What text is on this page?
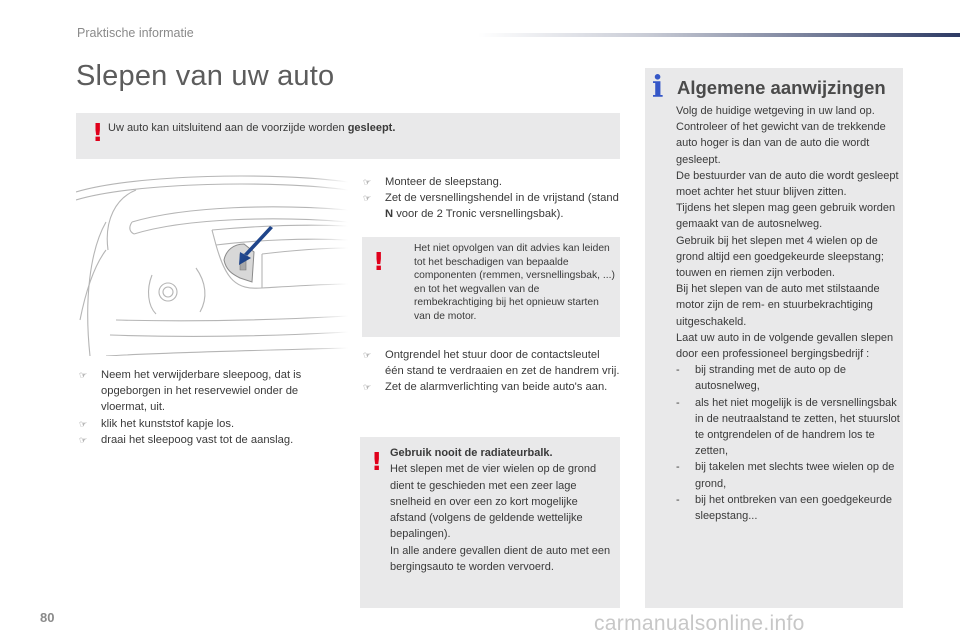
Praktische informatie
Slepen van uw auto
! Uw auto kan uitsluitend aan de voorzijde worden gesleept.
☞ Neem het verwijderbare sleepoog, dat is opgeborgen in het reservewiel onder de vloermat, uit.
☞ klik het kunststof kapje los.
☞ draai het sleepoog vast tot de aanslag.
☞ Monteer de sleepstang.
☞ Zet de versnellingshendel in de vrijstand (stand N voor de 2 Tronic versnellingsbak).
!	Het niet opvolgen van dit advies kan leiden tot het beschadigen van bepaalde componenten (remmen, versnellingsbak, ...) en tot het wegvallen van de rembekrachtiging bij het opnieuw starten van de motor.
☞ Ontgrendel het stuur door de contactsleutel één stand te verdraaien en zet de handrem vrij.
☞ Zet de alarmverlichting van beide auto's aan.
! Gebruik nooit de radiateurbalk.
Het slepen met de vier wielen op de grond dient te geschieden met een zeer lage snelheid en over een zo kort mogelijke afstand (volgens de geldende wettelijke bepalingen).
In alle andere gevallen dient de auto met een bergingsauto te worden vervoerd.
i Algemene aanwijzingen
Volg de huidige wetgeving in uw land op.
Controleer of het gewicht van de trekkende auto hoger is dan van de auto die wordt gesleept.
De bestuurder van de auto die wordt gesleept moet achter het stuur blijven zitten.
Tijdens het slepen mag geen gebruik worden gemaakt van de autosnelweg.
Gebruik bij het slepen met 4 wielen op de grond altijd een goedgekeurde sleepstang; touwen en riemen zijn verboden.
Bij het slepen van de auto met stilstaande motor zijn de rem- en stuurbekrachtiging uitgeschakeld.
Laat uw auto in de volgende gevallen slepen door een professioneel bergingsbedrijf :
- bij stranding met de auto op de autosnelweg,
- als het niet mogelijk is de versnellingsbak in de neutraalstand te zetten, het stuurslot te ontgrendelen of de handrem los te zetten,
- bij takelen met slechts twee wielen op de grond,
- bij het ontbreken van een goedgekeurde sleepstang...
80	carmanualsonline.info
